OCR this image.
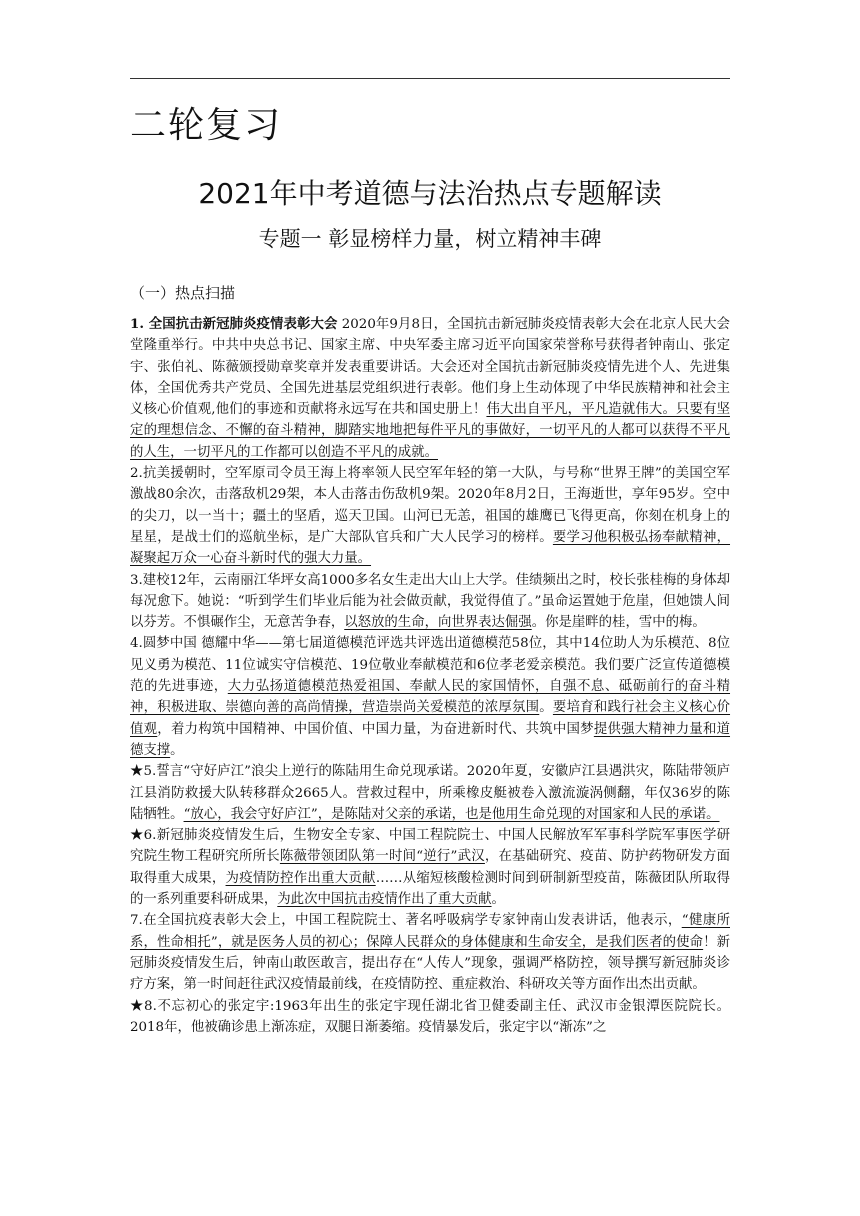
二轮复习
2021年中考道德与法治热点专题解读
专题一 彰显榜样力量，树立精神丰碑
（一）热点扫描

1. 全国抗击新冠肺炎疫情表彰大会 2020年9月8日，全国抗击新冠肺炎疫情表彰大会在北京人民大会堂隆重举行。中共中央总书记、国家主席、中央军委主席习近平向国家荣誉称号获得者钟南山、张定宇、张伯礼、陈薇颁授勋章奖章并发表重要讲话。大会还对全国抗击新冠肺炎疫情先进个人、先进集体，全国优秀共产党员、全国先进基层党组织进行表彰。他们身上生动体现了中华民族精神和社会主义核心价值观,他们的事迹和贡献将永远写在共和国史册上！伟大出自平凡，平凡造就伟大。只要有坚定的理想信念、不懈的奋斗精神，脚踏实地地把每件平凡的事做好，一切平凡的人都可以获得不平凡的人生，一切平凡的工作都可以创造不平凡的成就。

2.抗美援朝时，空军原司令员王海上将率领人民空军年轻的第一大队，与号称“世界王牌”的美国空军激战80余次，击落敌机29架，本人击落击伤敌机9架。2020年8月2日，王海逝世，享年95岁。空中的尖刀，以一当十；疆土的坚盾，巡天卫国。山河已无恙，祖国的雄鹰已飞得更高，你刻在机身上的星星，是战士们的巡航坐标，是广大部队官兵和广大人民学习的榜样。要学习他积极弘扬奉献精神，凝聚起万众一心奋斗新时代的强大力量。

3.建校12年，云南丽江华坪女高1000多名女生走出大山上大学。佳绩频出之时，校长张桂梅的身体却每况愈下。她说：“听到学生们毕业后能为社会做贡献，我觉得值了。”虽命运置她于危崖，但她馈人间以芬芳。不惧碾作尘，无意苦争春，以怒放的生命，向世界表达倔强。你是崖畔的桂，雪中的梅。

4.圆梦中国 德耀中华——第七届道德模范评选共评选出道德模范58位，其中14位助人为乐模范、8位见义勇为模范、11位诚实守信模范、19位敬业奉献模范和6位孝老爱亲模范。我们要广泛宣传道德模范的先进事迹，大力弘扬道德模范热爱祖国、奉献人民的家国情怀，自强不息、砥砺前行的奋斗精神，积极进取、崇德向善的高尚情操，营造崇尚关爱模范的浓厚氛围。要培育和践行社会主义核心价值观，着力构筑中国精神、中国价值、中国力量，为奋进新时代、共筑中国梦提供强大精神力量和道德支撑。

★5.誓言“守好庐江”浪尖上逆行的陈陆用生命兑现承诺。2020年夏，安徽庐江县遇洪灾，陈陆带领庐江县消防救援大队转移群众2665人。营救过程中，所乘橡皮艇被卷入激流漩涡侧翻，年仅36岁的陈陆牺牲。“放心，我会守好庐江”，是陈陆对父亲的承诺，也是他用生命兑现的对国家和人民的承诺。

★6.新冠肺炎疫情发生后，生物安全专家、中国工程院院士、中国人民解放军军事科学院军事医学研究院生物工程研究所所长陈薇带领团队第一时间“逆行”武汉，在基础研究、疫苗、防护药物研发方面取得重大成果，为疫情防控作出重大贡献……从缩短核酸检测时间到研制新型疫苗，陈薇团队所取得的一系列重要科研成果，为此次中国抗击疫情作出了重大贡献。

7.在全国抗疫表彰大会上，中国工程院院士、著名呼吸病学专家钟南山发表讲话，他表示，“健康所系，性命相托”，就是医务人员的初心；保障人民群众的身体健康和生命安全，是我们医者的使命！新冠肺炎疫情发生后，钟南山敢医敢言，提出存在“人传人”现象，强调严格防控，领导撰写新冠肺炎诊疗方案，第一时间赶往武汉疫情最前线，在疫情防控、重症救治、科研攻关等方面作出杰出贡献。

★8.不忘初心的张定宇:1963年出生的张定宇现任湖北省卫健委副主任、武汉市金银潭医院院长。2018年，他被确诊患上渐冻症，双腿日渐萎缩。疫情暴发后，张定宇以“渐冻”之
